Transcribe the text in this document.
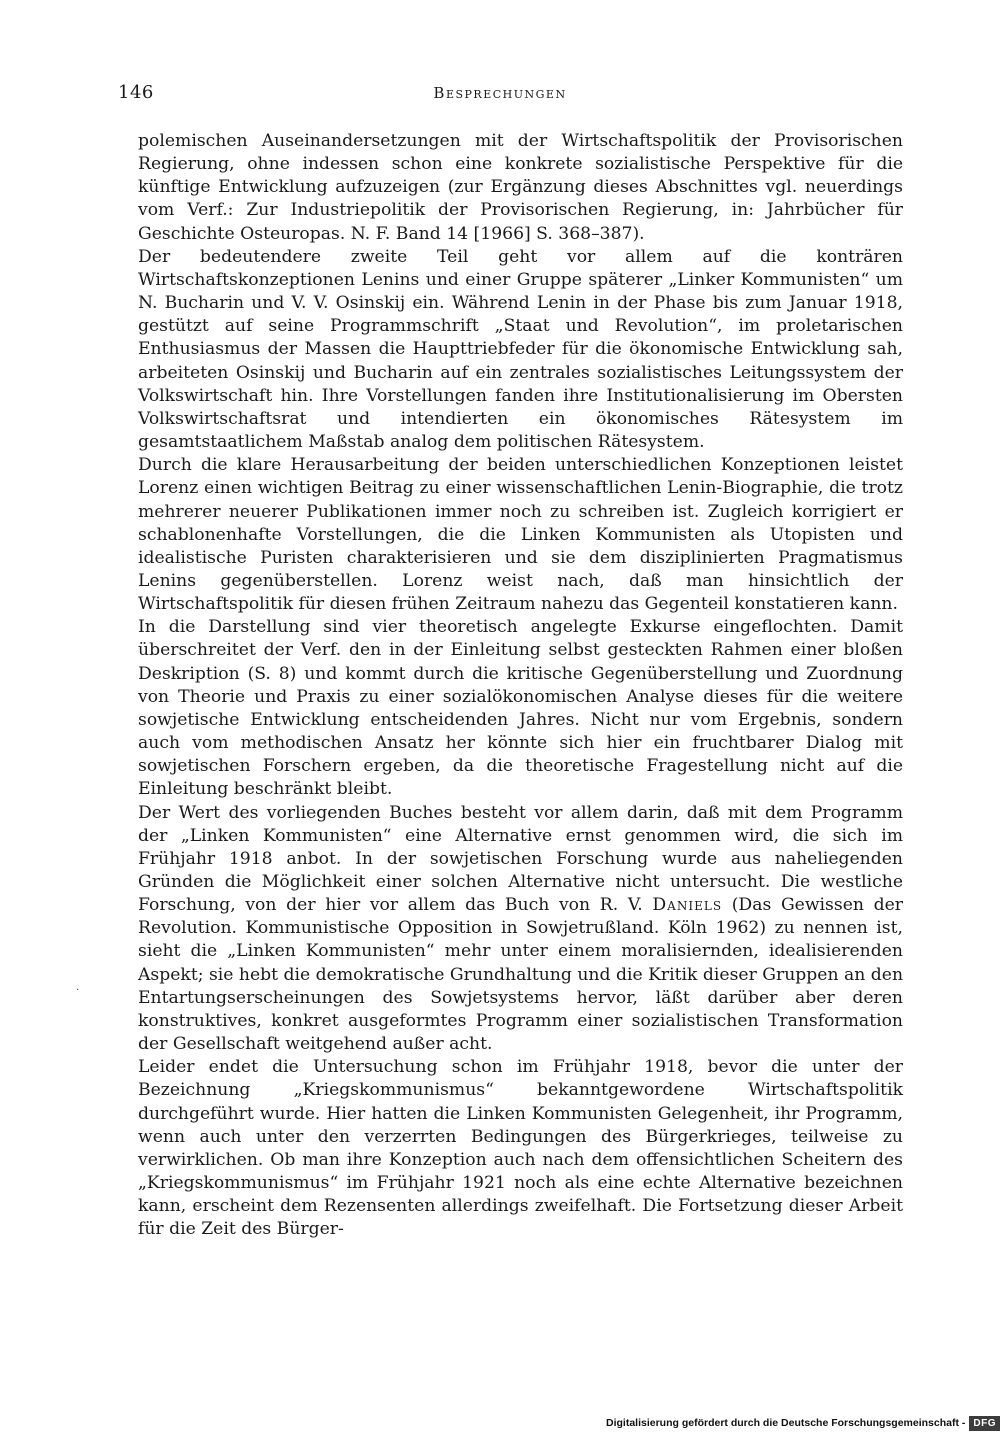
146	Besprechungen

polemischen Auseinandersetzungen mit der Wirtschaftspolitik der Provisorischen Regierung, ohne indessen schon eine konkrete sozialistische Perspektive für die künftige Entwicklung aufzuzeigen (zur Ergänzung dieses Abschnittes vgl. neuerdings vom Verf.: Zur Industriepolitik der Provisorischen Regierung, in: Jahrbücher für Geschichte Osteuropas. N. F. Band 14 [1966] S. 368–387).

Der bedeutendere zweite Teil geht vor allem auf die konträren Wirtschaftskonzeptionen Lenins und einer Gruppe späterer „Linker Kommunisten“ um N. Bucharin und V. V. Osinskij ein. Während Lenin in der Phase bis zum Januar 1918, gestützt auf seine Programmschrift „Staat und Revolution“, im proletarischen Enthusiasmus der Massen die Haupttriebfeder für die ökonomische Entwicklung sah, arbeiteten Osinskij und Bucharin auf ein zentrales sozialistisches Leitungssystem der Volkswirtschaft hin. Ihre Vorstellungen fanden ihre Institutionalisierung im Obersten Volkswirtschaftsrat und intendierten ein ökonomisches Rätesystem im gesamtstaatlichem Maßstab analog dem politischen Rätesystem.

Durch die klare Herausarbeitung der beiden unterschiedlichen Konzeptionen leistet Lorenz einen wichtigen Beitrag zu einer wissenschaftlichen Lenin-Biographie, die trotz mehrerer neuerer Publikationen immer noch zu schreiben ist. Zugleich korrigiert er schablonenhafte Vorstellungen, die die Linken Kommunisten als Utopisten und idealistische Puristen charakterisieren und sie dem disziplinierten Pragmatismus Lenins gegenüberstellen. Lorenz weist nach, daß man hinsichtlich der Wirtschaftspolitik für diesen frühen Zeitraum nahezu das Gegenteil konstatieren kann.

In die Darstellung sind vier theoretisch angelegte Exkurse eingeflochten. Damit überschreitet der Verf. den in der Einleitung selbst gesteckten Rahmen einer bloßen Deskription (S. 8) und kommt durch die kritische Gegenüberstellung und Zuordnung von Theorie und Praxis zu einer sozialökonomischen Analyse dieses für die weitere sowjetische Entwicklung entscheidenden Jahres. Nicht nur vom Ergebnis, sondern auch vom methodischen Ansatz her könnte sich hier ein fruchtbarer Dialog mit sowjetischen Forschern ergeben, da die theoretische Fragestellung nicht auf die Einleitung beschränkt bleibt.

Der Wert des vorliegenden Buches besteht vor allem darin, daß mit dem Programm der „Linken Kommunisten“ eine Alternative ernst genommen wird, die sich im Frühjahr 1918 anbot. In der sowjetischen Forschung wurde aus naheliegenden Gründen die Möglichkeit einer solchen Alternative nicht untersucht. Die westliche Forschung, von der hier vor allem das Buch von R. V. Daniels (Das Gewissen der Revolution. Kommunistische Opposition in Sowjetrußland. Köln 1962) zu nennen ist, sieht die „Linken Kommunisten“ mehr unter einem moralisiernden, idealisierenden Aspekt; sie hebt die demokratische Grundhaltung und die Kritik dieser Gruppen an den Entartungserscheinungen des Sowjetsystems hervor, läßt darüber aber deren konstruktives, konkret ausgeformtes Programm einer sozialistischen Transformation der Gesellschaft weitgehend außer acht.

Leider endet die Untersuchung schon im Frühjahr 1918, bevor die unter der Bezeichnung „Kriegskommunismus“ bekanntgewordene Wirtschaftspolitik durchgeführt wurde. Hier hatten die Linken Kommunisten Gelegenheit, ihr Programm, wenn auch unter den verzerrten Bedingungen des Bürgerkrieges, teilweise zu verwirklichen. Ob man ihre Konzeption auch nach dem offensichtlichen Scheitern des „Kriegskommunismus“ im Frühjahr 1921 noch als eine echte Alternative bezeichnen kann, erscheint dem Rezensenten allerdings zweifelhaft. Die Fortsetzung dieser Arbeit für die Zeit des Bürger-

·
Digitalisierung gefördert durch die Deutsche Forschungsgemeinschaft - DFG
